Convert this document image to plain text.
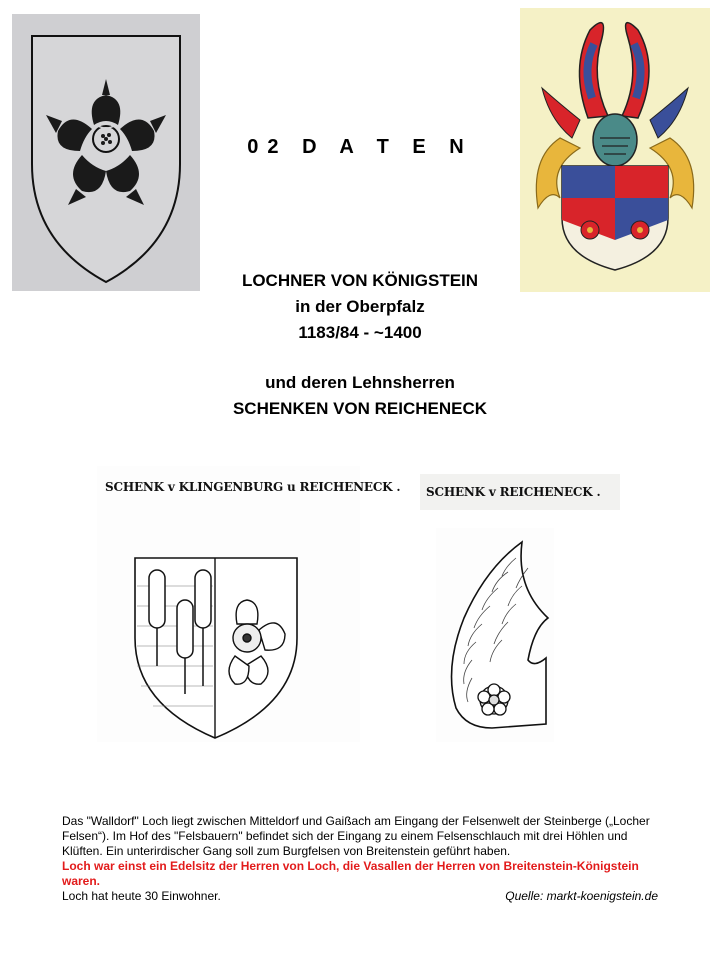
02 D A T E N
LOCHNER VON KÖNIGSTEIN
in der Oberpfalz
1183/84 - ~1400
und deren Lehnsherren
SCHENKEN VON REICHENECK
SCHENK v KLINGENBURG u REICHENECK . SCHENK v REICHENECK .

Das "Walldorf" Loch liegt zwischen Mitteldorf und Gaißach am Eingang der Felsenwelt der Steinberge („Locher Felsen“). Im Hof des "Felsbauern" befindet sich der Eingang zu einem Felsenschlauch mit drei Höhlen und Klüften. Ein unterirdischer Gang soll zum Burgfelsen von Breitenstein geführt haben.

Loch war einst ein Edelsitz der Herren von Loch, die Vasallen der Herren von Breitenstein-Königstein waren.

Loch hat heute 30 Einwohner.	Quelle: markt-koenigstein.de
